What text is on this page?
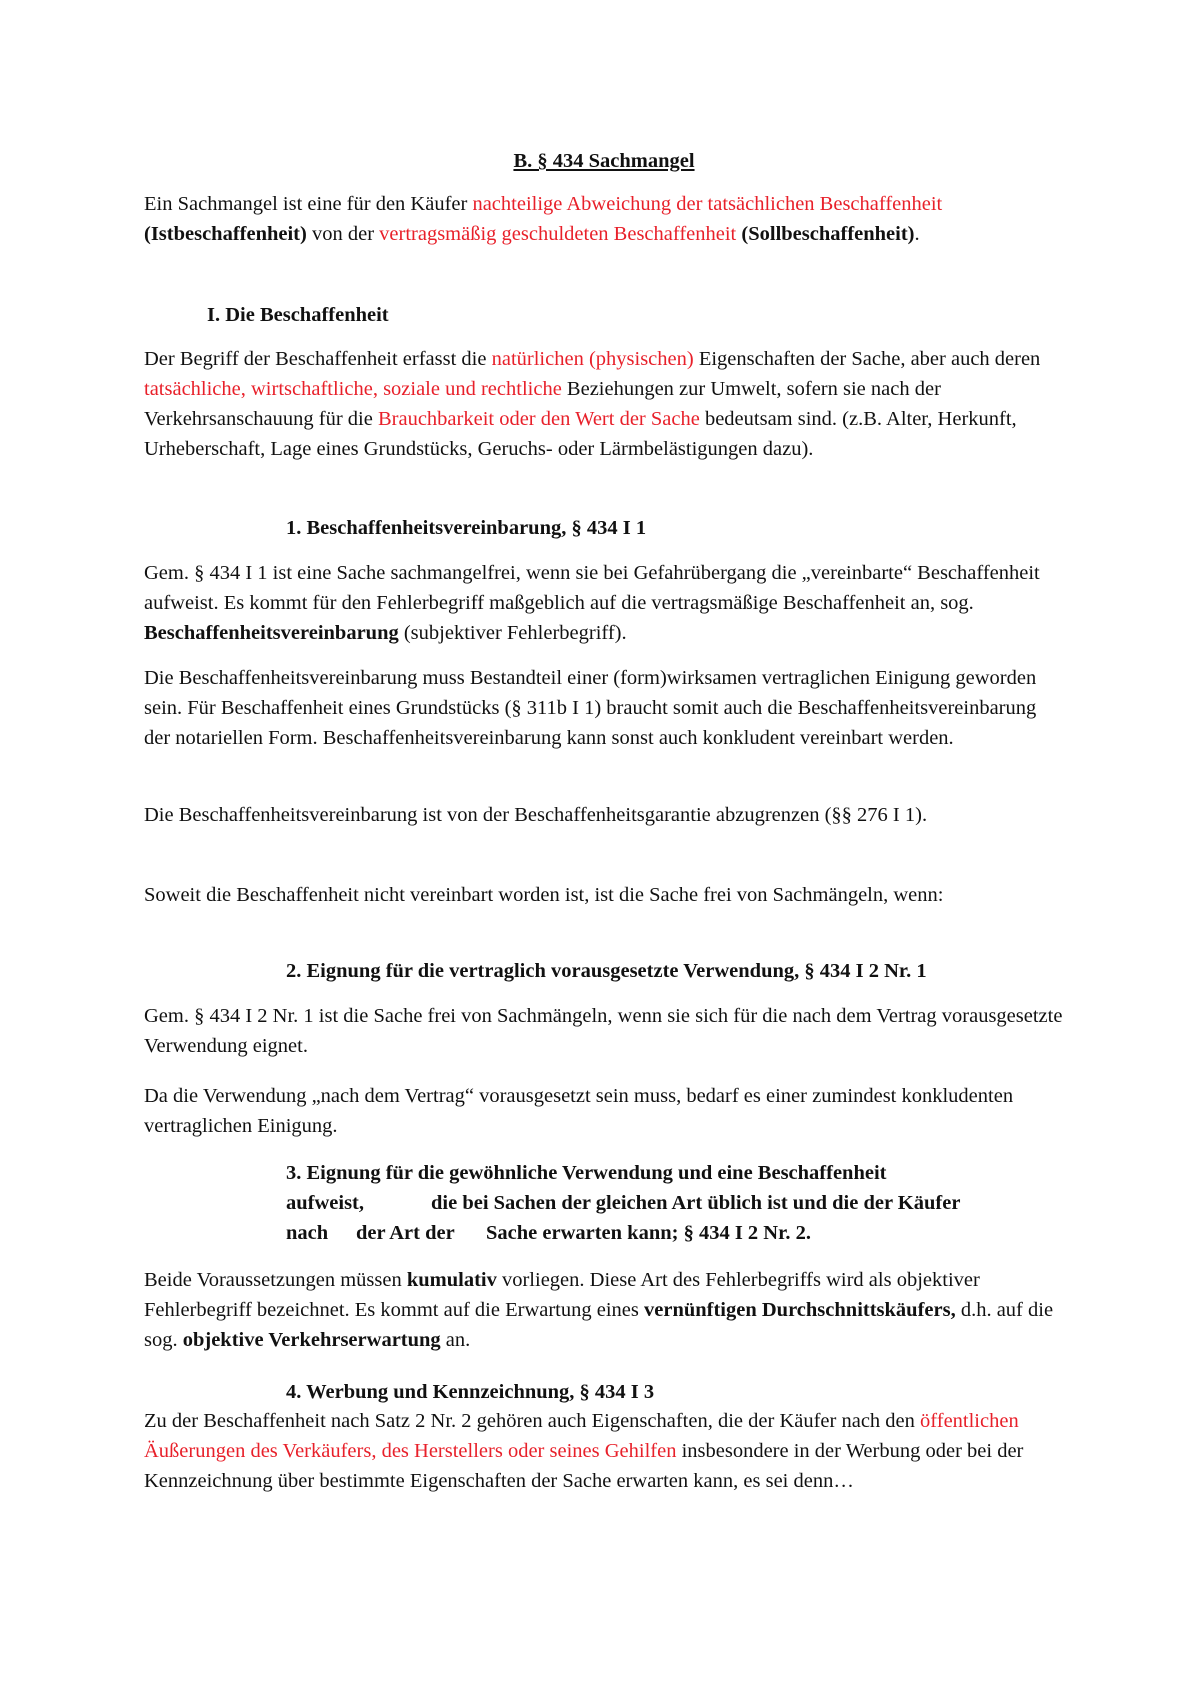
B. § 434 Sachmangel

Ein Sachmangel ist eine für den Käufer nachteilige Abweichung der tatsächlichen Beschaffenheit (Istbeschaffenheit) von der vertragsmäßig geschuldeten Beschaffenheit (Sollbeschaffenheit).

I. Die Beschaffenheit

Der Begriff der Beschaffenheit erfasst die natürlichen (physischen) Eigenschaften der Sache, aber auch deren tatsächliche, wirtschaftliche, soziale und rechtliche Beziehungen zur Umwelt, sofern sie nach der Verkehrsanschauung für die Brauchbarkeit oder den Wert der Sache bedeutsam sind. (z.B. Alter, Herkunft, Urheberschaft, Lage eines Grundstücks, Geruchs- oder Lärmbelästigungen dazu).

1. Beschaffenheitsvereinbarung, § 434 I 1

Gem. § 434 I 1 ist eine Sache sachmangelfrei, wenn sie bei Gefahrübergang die „vereinbarte“ Beschaffenheit aufweist. Es kommt für den Fehlerbegriff maßgeblich auf die vertragsmäßige Beschaffenheit an, sog. Beschaffenheitsvereinbarung (subjektiver Fehlerbegriff).

Die Beschaffenheitsvereinbarung muss Bestandteil einer (form)wirksamen vertraglichen Einigung geworden sein. Für Beschaffenheit eines Grundstücks (§ 311b I 1) braucht somit auch die Beschaffenheitsvereinbarung der notariellen Form. Beschaffenheitsvereinbarung kann sonst auch konkludent vereinbart werden.

Die Beschaffenheitsvereinbarung ist von der Beschaffenheitsgarantie abzugrenzen (§§ 276 I 1).

Soweit die Beschaffenheit nicht vereinbart worden ist, ist die Sache frei von Sachmängeln, wenn:

2. Eignung für die vertraglich vorausgesetzte Verwendung, § 434 I 2 Nr. 1

Gem. § 434 I 2 Nr. 1 ist die Sache frei von Sachmängeln, wenn sie sich für die nach dem Vertrag vorausgesetzte Verwendung eignet.

Da die Verwendung „nach dem Vertrag“ vorausgesetzt sein muss, bedarf es einer zumindest konkludenten vertraglichen Einigung.

3. Eignung für die gewöhnliche Verwendung und eine Beschaffenheit
aufweist,	die bei Sachen der gleichen Art üblich ist und die der Käufer
nach der Art der Sache erwarten kann; § 434 I 2 Nr. 2.

Beide Voraussetzungen müssen kumulativ vorliegen. Diese Art des Fehlerbegriffs wird als objektiver Fehlerbegriff bezeichnet. Es kommt auf die Erwartung eines vernünftigen Durchschnittskäufers, d.h. auf die sog. objektive Verkehrserwartung an.

4. Werbung und Kennzeichnung, § 434 I 3

Zu der Beschaffenheit nach Satz 2 Nr. 2 gehören auch Eigenschaften, die der Käufer nach den öffentlichen Äußerungen des Verkäufers, des Herstellers oder seines Gehilfen insbesondere in der Werbung oder bei der Kennzeichnung über bestimmte Eigenschaften der Sache erwarten kann, es sei denn…
